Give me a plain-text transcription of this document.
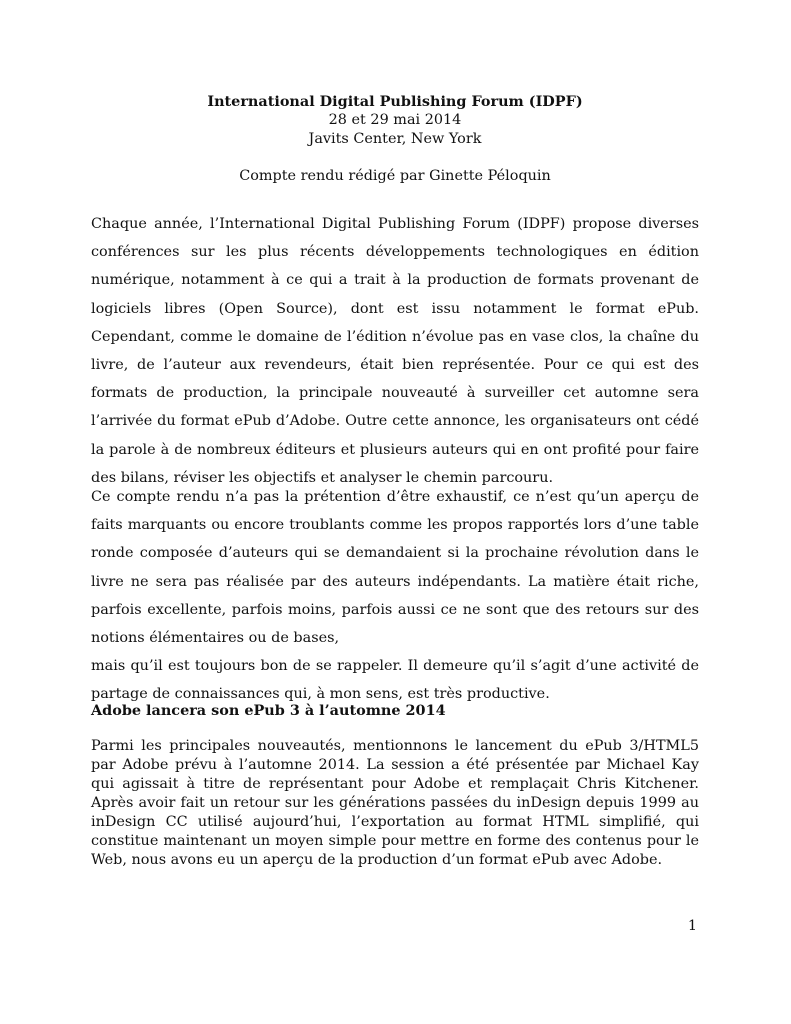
International Digital Publishing Forum (IDPF)
28 et 29 mai 2014
Javits Center, New York
Compte rendu rédigé par Ginette Péloquin

Chaque année, l’International Digital Publishing Forum (IDPF) propose diverses conférences sur les plus récents développements technologiques en édition numérique, notamment à ce qui a trait à la production de formats provenant de logiciels libres (Open Source), dont est issu notamment le format ePub. Cependant, comme le domaine de l’édition n’évolue pas en vase clos, la chaîne du livre, de l’auteur aux revendeurs, était bien représentée. Pour ce qui est des formats de production, la principale nouveauté à surveiller cet automne sera l’arrivée du format ePub d’Adobe. Outre cette annonce, les organisateurs ont cédé la parole à de nombreux éditeurs et plusieurs auteurs qui en ont profité pour faire des bilans, réviser les objectifs et analyser le chemin parcouru.

Ce compte rendu n’a pas la prétention d’être exhaustif, ce n’est qu’un aperçu de faits marquants ou encore troublants comme les propos rapportés lors d’une table ronde composée d’auteurs qui se demandaient si la prochaine révolution dans le livre ne sera pas réalisée par des auteurs indépendants. La matière était riche, parfois excellente, parfois moins, parfois aussi ce ne sont que des retours sur des notions élémentaires ou de bases,
mais qu’il est toujours bon de se rappeler. Il demeure qu’il s’agit d’une activité de partage de connaissances qui, à mon sens, est très productive.
Adobe lancera son ePub 3 à l’automne 2014

Parmi les principales nouveautés, mentionnons le lancement du ePub 3/HTML5 par Adobe prévu à l’automne 2014. La session a été présentée par Michael Kay qui agissait à titre de représentant pour Adobe et remplaçait Chris Kitchener. Après avoir fait un retour sur les générations passées du inDesign depuis 1999 au inDesign CC utilisé aujourd’hui, l’exportation au format HTML simplifié, qui constitue maintenant un moyen simple pour mettre en forme des contenus pour le Web, nous avons eu un aperçu de la production d’un format ePub avec Adobe.

1
